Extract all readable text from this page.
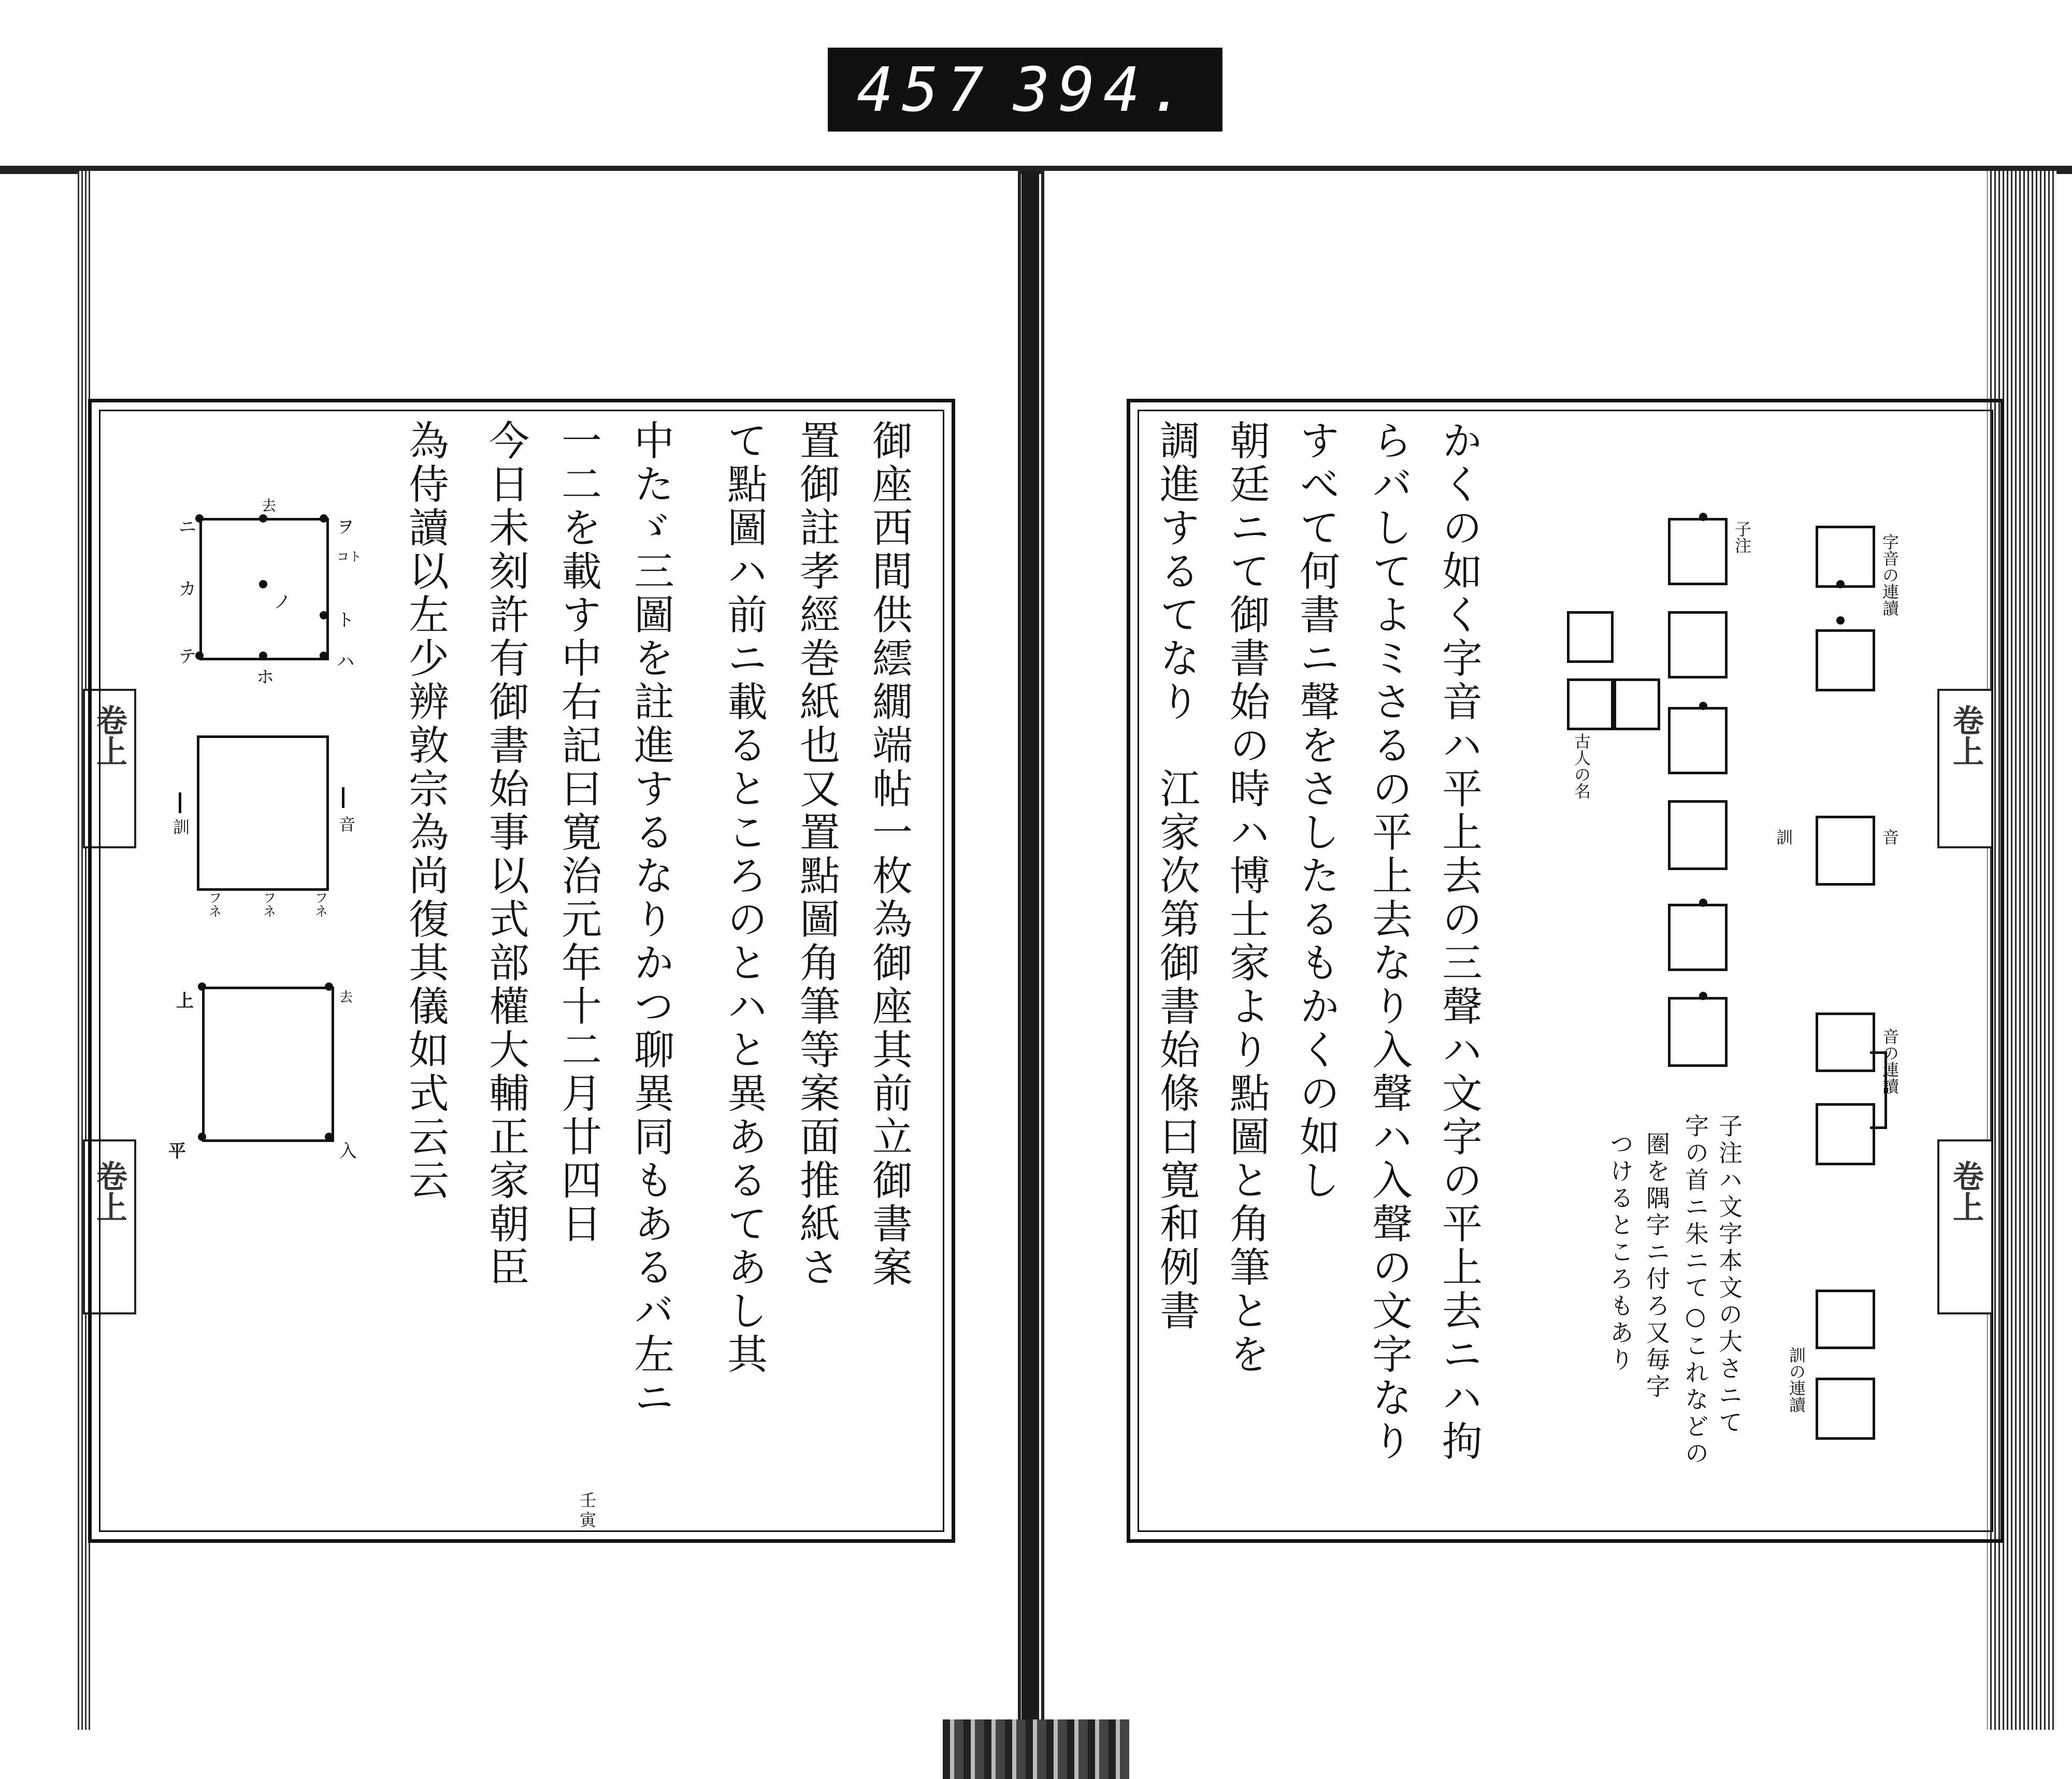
457 394.
卷上
卷上
卷上
卷上
去
ノ
ホ
ニ
カ
テ
ヲ
コト
ト
ハ
訓	音
フネ	フネ	フネ
上	去
平	入	御座西間供繧繝端帖一枚為御座其前立御書案
置御註孝經巻紙也又置點圖角筆等案面推紙さ
て點圖ハ前ニ載るところのとハと異あるてあし其
中たゞ三圖を註進するなりかつ聊異同もあるバ左ニ
一二を載す中右記曰寛治元年十二月廿四日
今日未刻許有御書始事以式部權大輔正家朝臣
為侍讀以左少辨敦宗為尚復其儀如式云云
壬寅
かくの如く字音ハ平上去の三聲ハ文字の平上去ニハ拘
らバしてよミさるの平上去なり入聲ハ入聲の文字なり
すべて何書ニ聲をさしたるもかくの如し
朝廷ニて御書始の時ハ博士家より點圖と角筆とを
調進するてなり　江家次第御書始條曰寛和例書	字音の連讀
音
音の連讀
訓の連讀
子注
訓
古人の名
子注ハ文字本文の大さニて
字の首ニ朱ニて○これなどの
圏を隅字ニ付ろ又毎字
つけるところもあり
